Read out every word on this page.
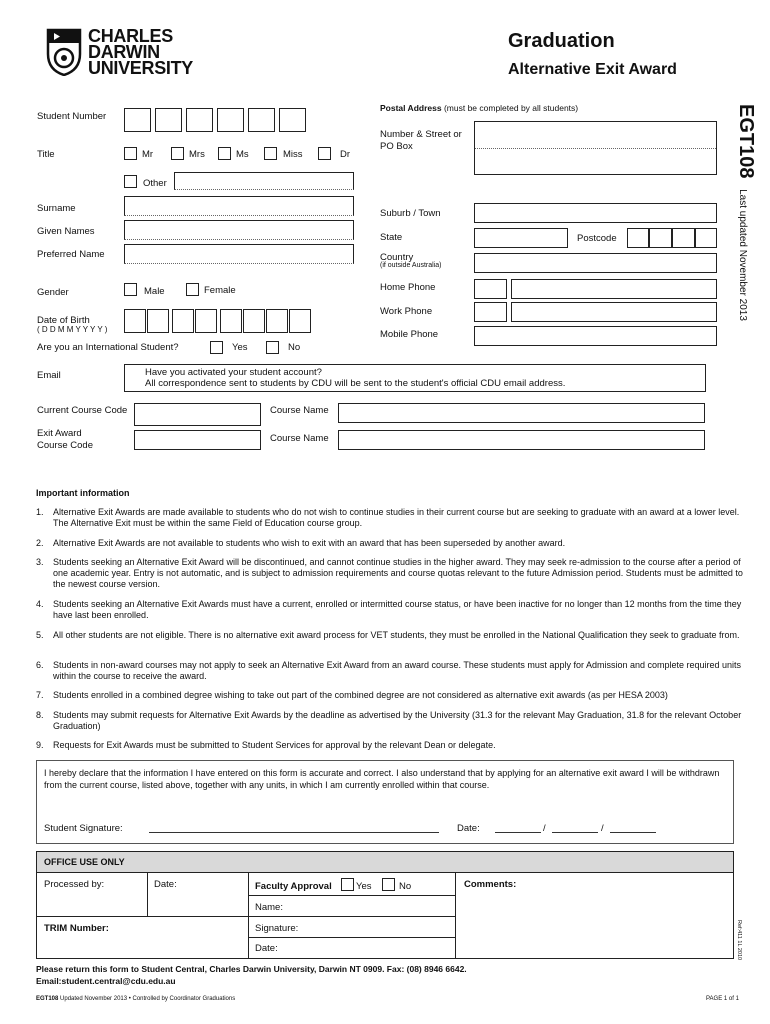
CHARLES
DARWIN
UNIVERSITY
Graduation
Alternative Exit Award
EGT108 Last updated November 2013
Student Number
Title	Mr	Mrs	Ms	Miss	Dr
Other
Surname
Given Names
Preferred Name
Gender	Male	Female
Date of Birth
( D D M M Y Y Y Y )
Are you an International Student?	Yes	No
Postal Address (must be completed by all students)
Number & Street or
PO Box
Suburb / Town
State	Postcode
Country
(if outside Australia)
Home Phone
Work Phone
Mobile Phone
Email	Have you activated your student account?
All correspondence sent to students by CDU will be sent to the student's official CDU email address.
Current Course Code	Course Name
Exit Award
Course Code
Course Name
Important information
1. Alternative Exit Awards are made available to students who do not wish to continue studies in their current course but are seeking to graduate with an award at a lower level. The Alternative Exit must be within the same Field of Education course group.
2. Alternative Exit Awards are not available to students who wish to exit with an award that has been superseded by another award.
3. Students seeking an Alternative Exit Award will be discontinued, and cannot continue studies in the higher award. They may seek re-admission to the course after a period of one academic year. Entry is not automatic, and is subject to admission requirements and course quotas relevant to the future Admission period. Students must be admitted to the newest course version.
4. Students seeking an Alternative Exit Awards must have a current, enrolled or intermitted course status, or have been inactive for no longer than 12 months from the time they have last been enrolled.
5. All other students are not eligible. There is no alternative exit award process for VET students, they must be enrolled in the National Qualification they seek to graduate from.
6. Students in non-award courses may not apply to seek an Alternative Exit Award from an award course. These students must apply for Admission and complete required units within the course to receive the award.
7. Students enrolled in a combined degree wishing to take out part of the combined degree are not considered as alternative exit awards (as per HESA 2003)
8. Students may submit requests for Alternative Exit Awards by the deadline as advertised by the University (31.3 for the relevant May Graduation, 31.8 for the relevant October Graduation)
9. Requests for Exit Awards must be submitted to Student Services for approval by the relevant Dean or delegate.
I hereby declare that the information I have entered on this form is accurate and correct. I also understand that by applying for an alternative exit award I will be withdrawn from the current course, listed above, together with any units, in which I am currently enrolled within that course.
Student Signature:	Date:	/	/
OFFICE USE ONLY
Processed by:	Date:	Faculty Approval	Yes	No	Comments:
Name:
TRIM Number:	Signature:
Date:
Please return this form to Student Central, Charles Darwin University, Darwin NT 0909. Fax: (08) 8946 6642.
Email:student.central@cdu.edu.au
EGT108 Updated November 2013 • Controlled by Coordinator Graduations	PAGE 1 of 1
Ref:411 1L 2010
